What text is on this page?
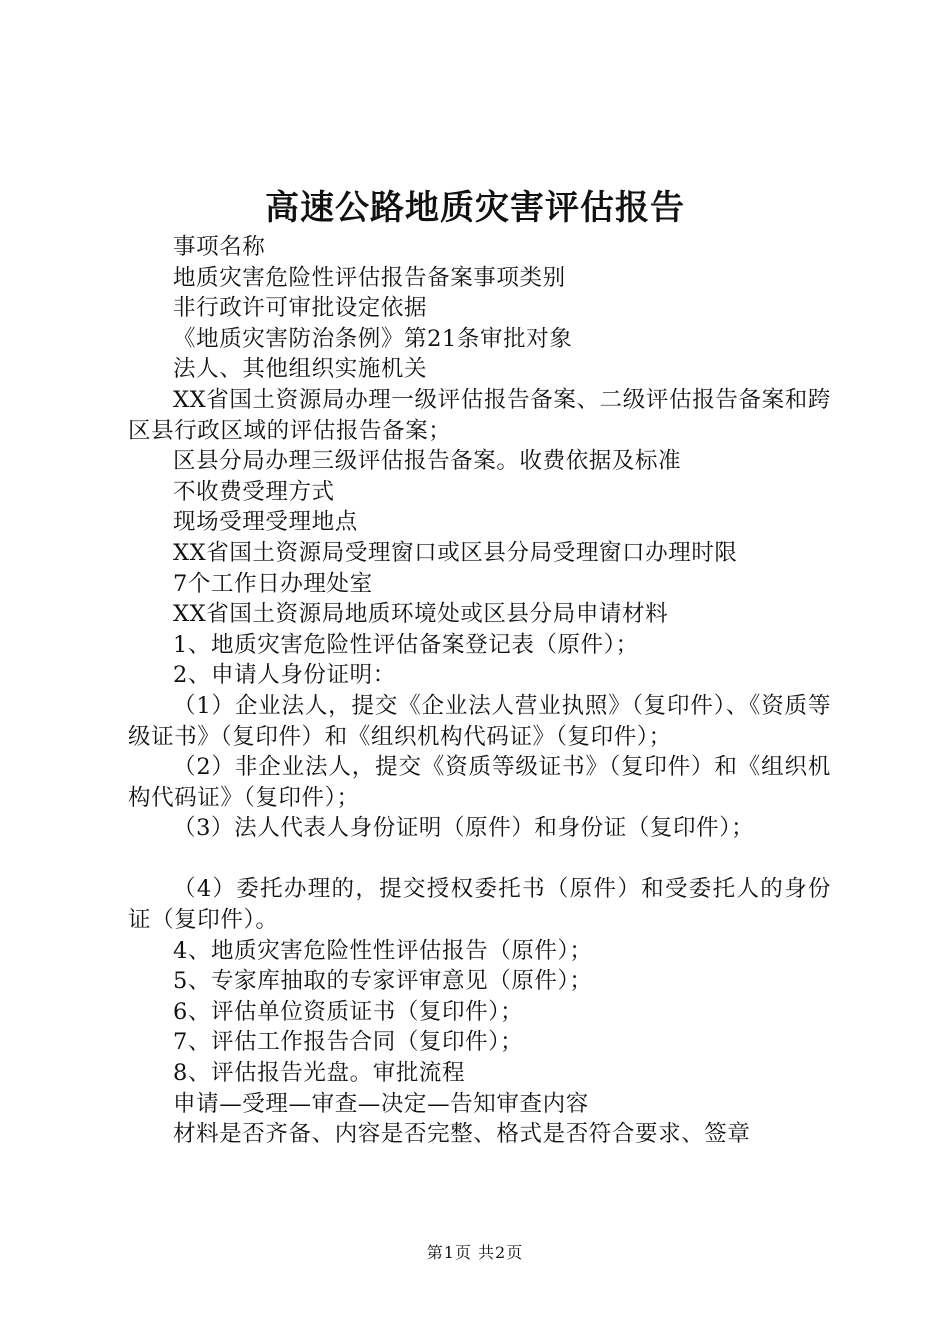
高速公路地质灾害评估报告

事项名称

地质灾害危险性评估报告备案事项类别

非行政许可审批设定依据

《地质灾害防治条例》第21条审批对象

法人、其他组织实施机关

XX省国土资源局办理一级评估报告备案、二级评估报告备案和跨区县行政区域的评估报告备案；

区县分局办理三级评估报告备案。收费依据及标准

不收费受理方式

现场受理受理地点

XX省国土资源局受理窗口或区县分局受理窗口办理时限

7个工作日办理处室

XX省国土资源局地质环境处或区县分局申请材料

1、地质灾害危险性评估备案登记表（原件）；

2、申请人身份证明：

（1）企业法人，提交《企业法人营业执照》（复印件）、《资质等级证书》（复印件）和《组织机构代码证》（复印件）；

（2）非企业法人，提交《资质等级证书》（复印件）和《组织机构代码证》（复印件）；

（3）法人代表人身份证明（原件）和身份证（复印件）；

（4）委托办理的，提交授权委托书（原件）和受委托人的身份证（复印件）。

4、地质灾害危险性性评估报告（原件）；

5、专家库抽取的专家评审意见（原件）；

6、评估单位资质证书（复印件）；

7、评估工作报告合同（复印件）；

8、评估报告光盘。审批流程

申请—受理—审查—决定—告知审查内容

材料是否齐备、内容是否完整、格式是否符合要求、签章

第1页 共2页
